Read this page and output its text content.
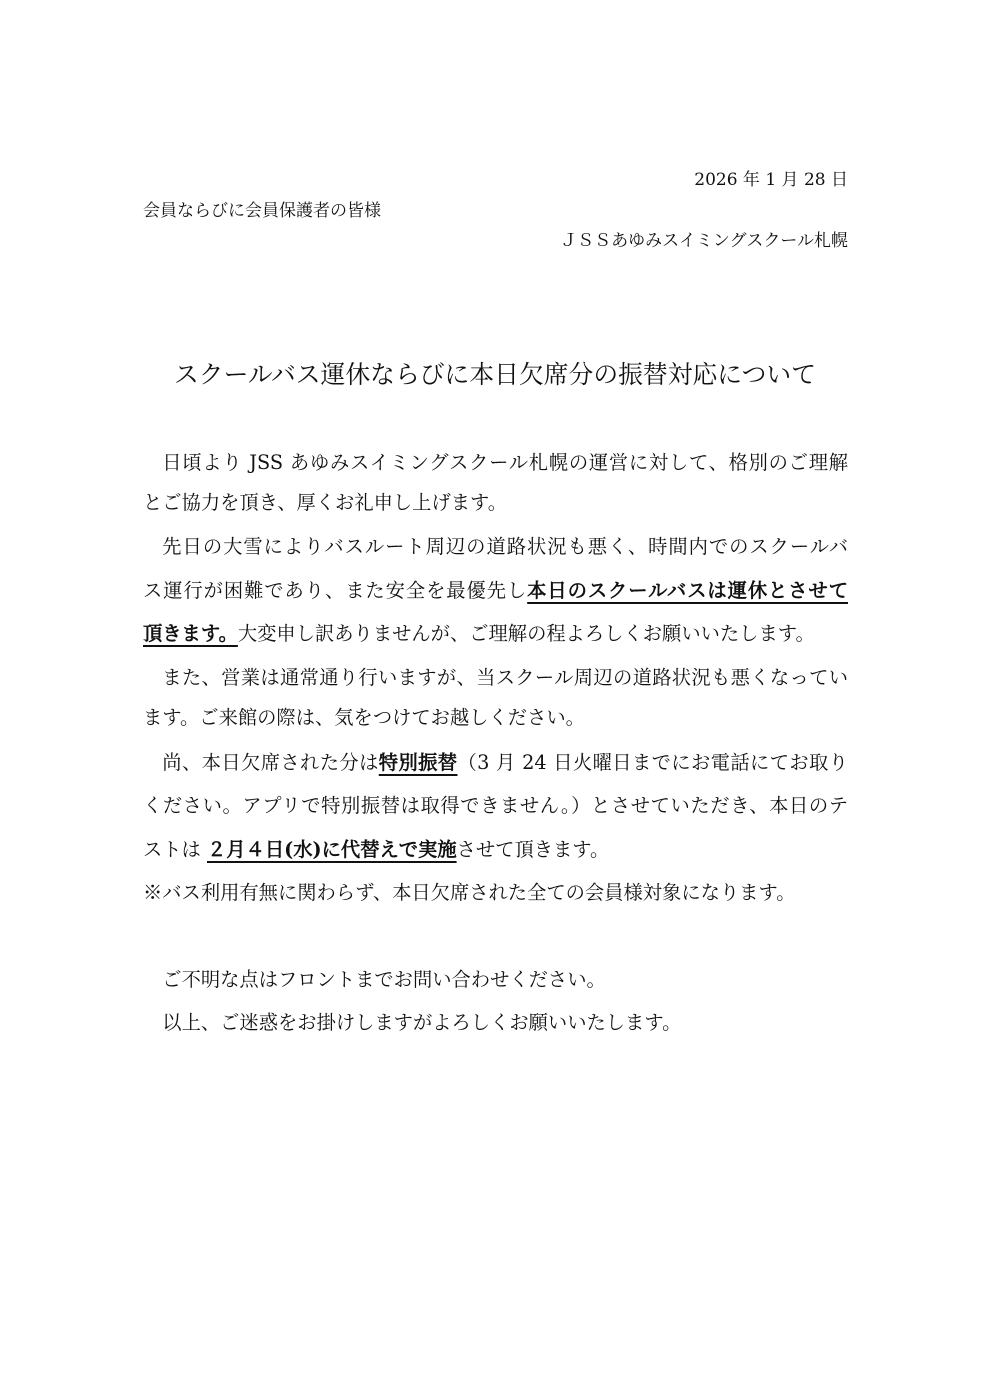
2026 年 1 月 28 日
会員ならびに会員保護者の皆様
ＪＳＳあゆみスイミングスクール札幌
スクールバス運休ならびに本日欠席分の振替対応について
日頃より JSS あゆみスイミングスクール札幌の運営に対して、格別のご理解
とご協力を頂き、厚くお礼申し上げます。
先日の大雪によりバスルート周辺の道路状況も悪く、時間内でのスクールバ
ス運行が困難であり、また安全を最優先し本日のスクールバスは運休とさせて
頂きます。大変申し訳ありませんが、ご理解の程よろしくお願いいたします。
また、営業は通常通り行いますが、当スクール周辺の道路状況も悪くなってい
ます。ご来館の際は、気をつけてお越しください。
尚、本日欠席された分は特別振替（3 月 24 日火曜日までにお電話にてお取り
ください。アプリで特別振替は取得できません。）とさせていただき、本日のテ
ストは ２月４日(水)に代替えで実施させて頂きます。
※バス利用有無に関わらず、本日欠席された全ての会員様対象になります。
ご不明な点はフロントまでお問い合わせください。
以上、ご迷惑をお掛けしますがよろしくお願いいたします。
